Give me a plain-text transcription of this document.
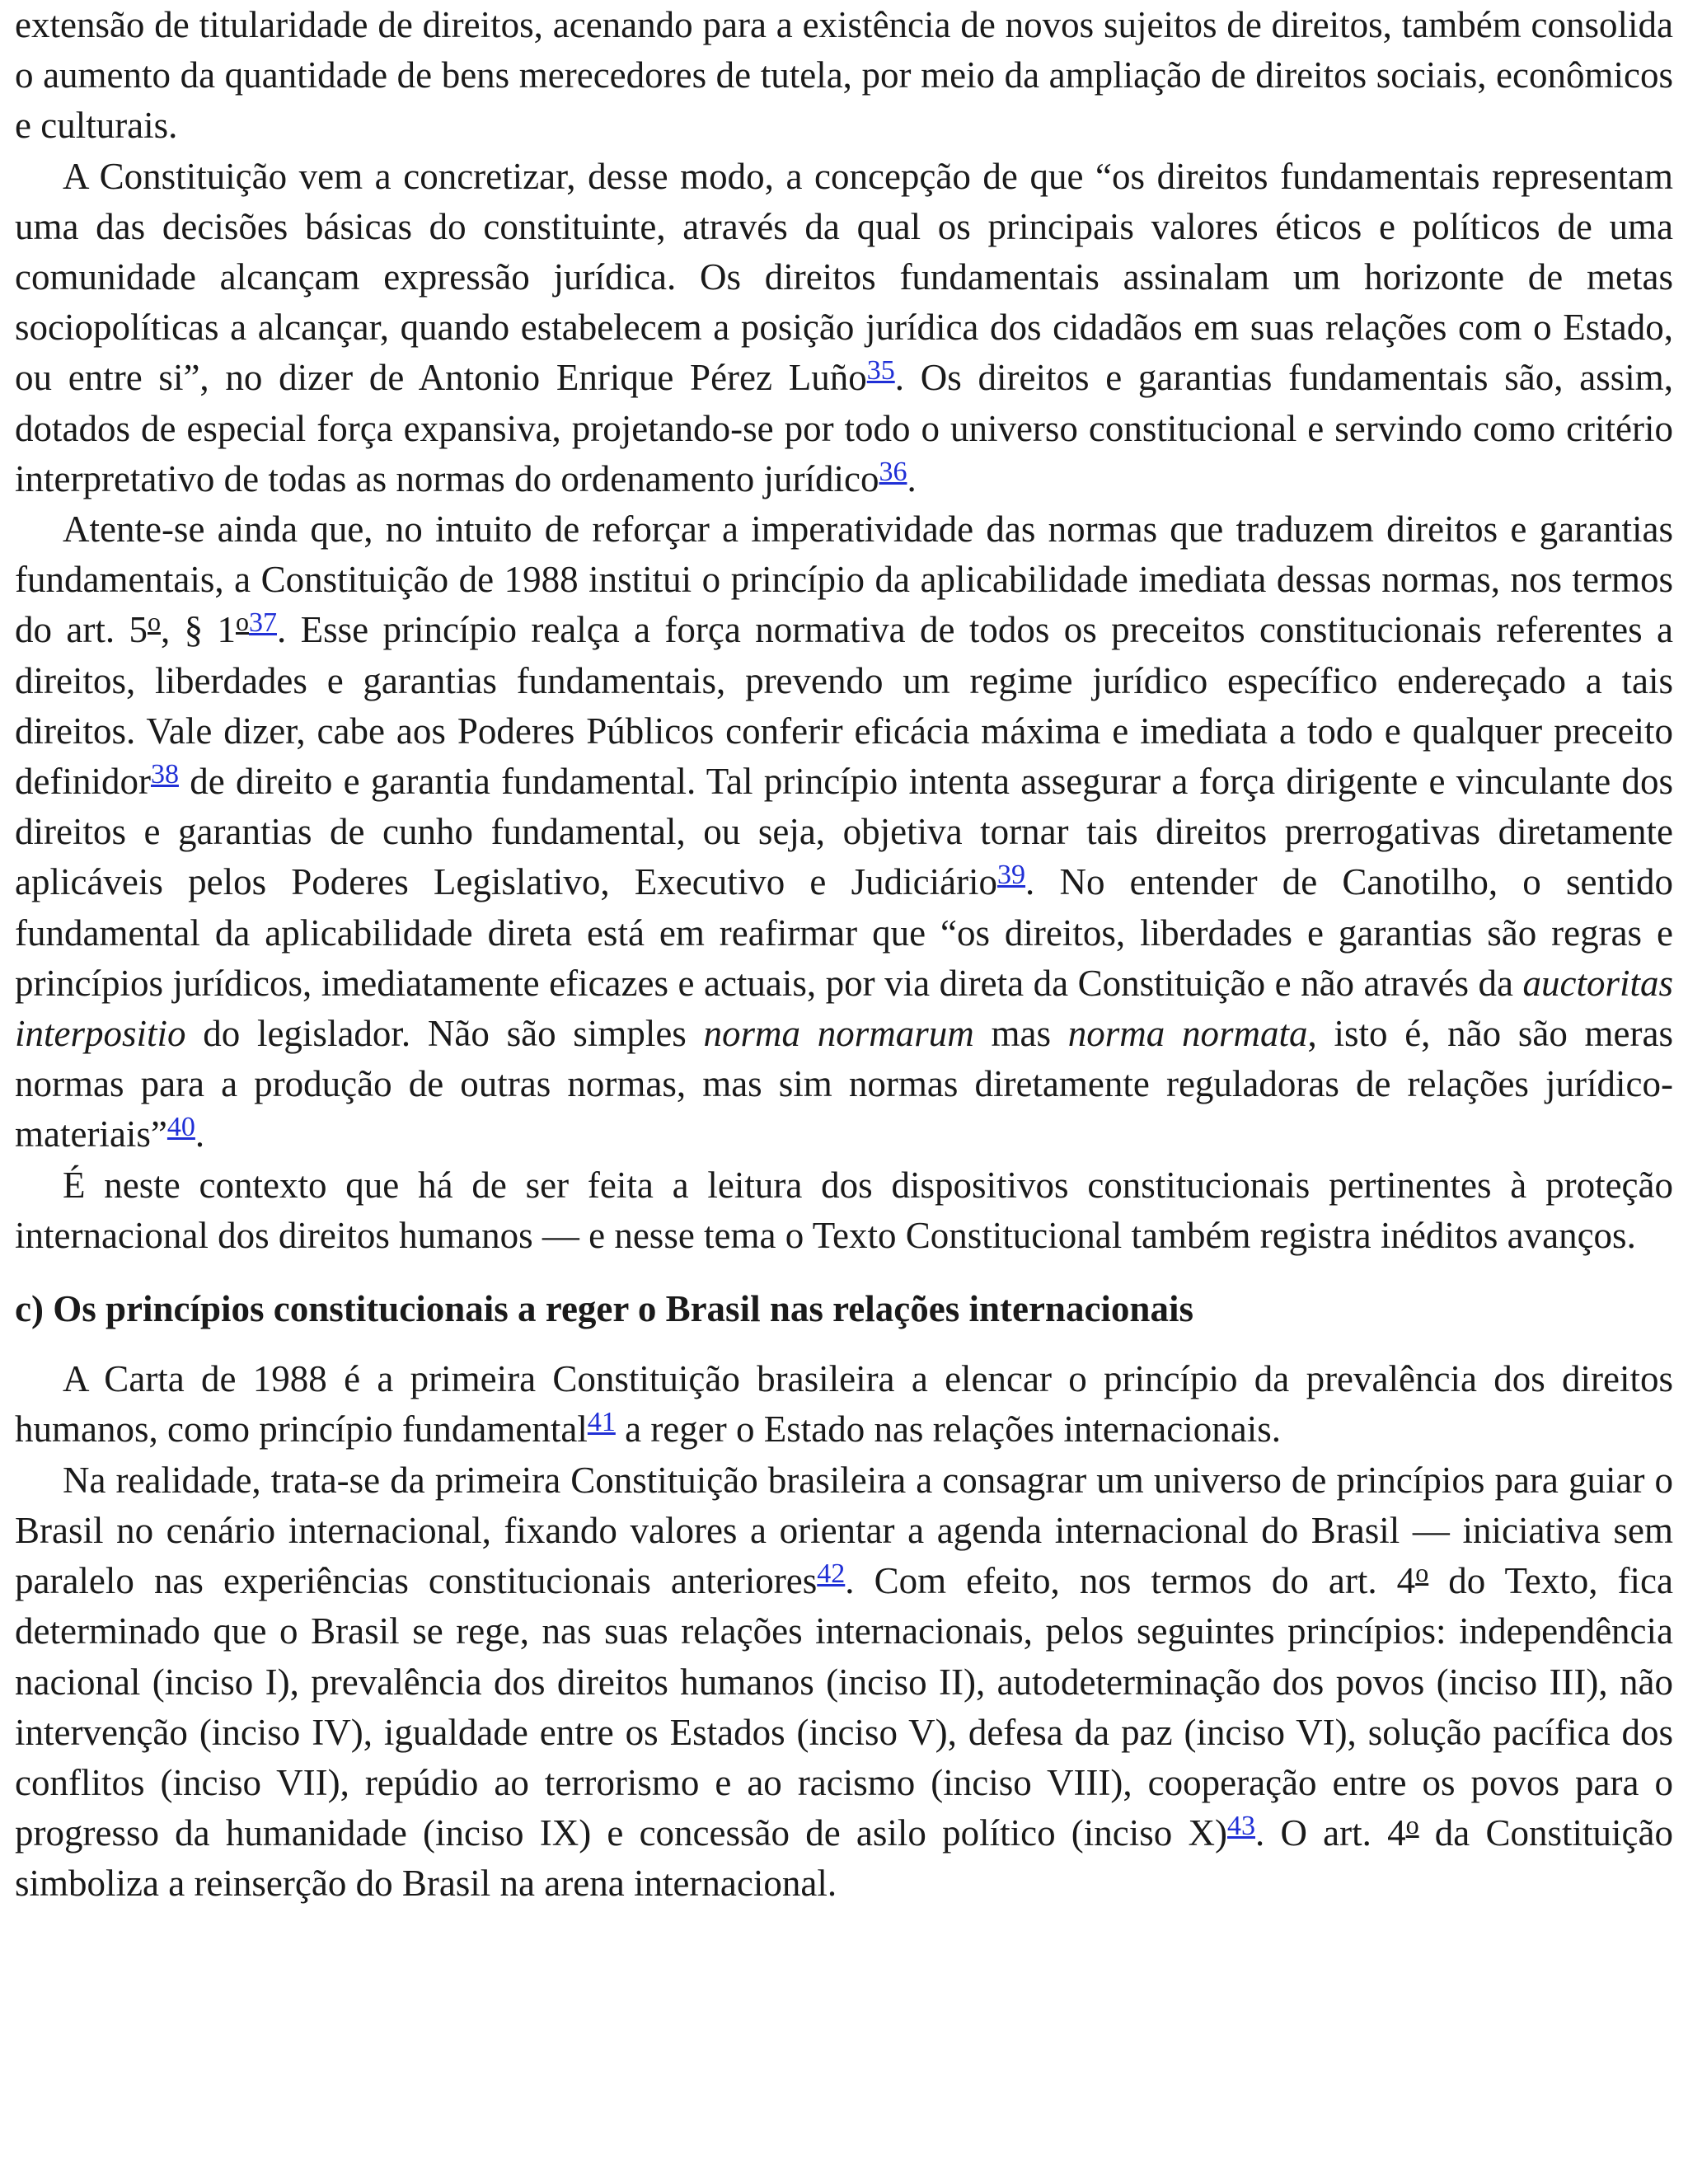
extensão de titularidade de direitos, acenando para a existência de novos sujeitos de direitos, também consolida o aumento da quantidade de bens merecedores de tutela, por meio da ampliação de direitos sociais, econômicos e culturais.

A Constituição vem a concretizar, desse modo, a concepção de que “os direitos fundamentais representam uma das decisões básicas do constituinte, através da qual os principais valores éticos e políticos de uma comunidade alcançam expressão jurídica. Os direitos fundamentais assinalam um horizonte de metas sociopolíticas a alcançar, quando estabelecem a posição jurídica dos cidadãos em suas relações com o Estado, ou entre si”, no dizer de Antonio Enrique Pérez Luño$^{35}$. Os direitos e garantias fundamentais são, assim, dotados de especial força expansiva, projetando-se por todo o universo constitucional e servindo como critério interpretativo de todas as normas do ordenamento jurídico$^{36}$.

Atente-se ainda que, no intuito de reforçar a imperatividade das normas que traduzem direitos e garantias fundamentais, a Constituição de 1988 institui o princípio da aplicabilidade imediata dessas normas, nos termos do art. 5$^o$, § 1$^{o37}$. Esse princípio realça a força normativa de todos os preceitos constitucionais referentes a direitos, liberdades e garantias fundamentais, prevendo um regime jurídico específico endereçado a tais direitos. Vale dizer, cabe aos Poderes Públicos conferir eficácia máxima e imediata a todo e qualquer preceito definidor$^{38}$ de direito e garantia fundamental. Tal princípio intenta assegurar a força dirigente e vinculante dos direitos e garantias de cunho fundamental, ou seja, objetiva tornar tais direitos prerrogativas diretamente aplicáveis pelos Poderes Legislativo, Executivo e Judiciário$^{39}$. No entender de Canotilho, o sentido fundamental da aplicabilidade direta está em reafirmar que “os direitos, liberdades e garantias são regras e princípios jurídicos, imediatamente eficazes e actuais, por via direta da Constituição e não através da auctoritas interpositio do legislador. Não são simples norma normarum mas norma normata, isto é, não são meras normas para a produção de outras normas, mas sim normas diretamente reguladoras de relações jurídico-materiais”$^{40}$.

É neste contexto que há de ser feita a leitura dos dispositivos constitucionais pertinentes à proteção internacional dos direitos humanos — e nesse tema o Texto Constitucional também registra inéditos avanços.

c) Os princípios constitucionais a reger o Brasil nas relações internacionais

A Carta de 1988 é a primeira Constituição brasileira a elencar o princípio da prevalência dos direitos humanos, como princípio fundamental$^{41}$ a reger o Estado nas relações internacionais.

Na realidade, trata-se da primeira Constituição brasileira a consagrar um universo de princípios para guiar o Brasil no cenário internacional, fixando valores a orientar a agenda internacional do Brasil — iniciativa sem paralelo nas experiências constitucionais anteriores$^{42}$. Com efeito, nos termos do art. 4$^o$ do Texto, fica determinado que o Brasil se rege, nas suas relações internacionais, pelos seguintes princípios: independência nacional (inciso I), prevalência dos direitos humanos (inciso II), autodeterminação dos povos (inciso III), não intervenção (inciso IV), igualdade entre os Estados (inciso V), defesa da paz (inciso VI), solução pacífica dos conflitos (inciso VII), repúdio ao terrorismo e ao racismo (inciso VIII), cooperação entre os povos para o progresso da humanidade (inciso IX) e concessão de asilo político (inciso X)$^{43}$. O art. 4$^o$ da Constituição simboliza a reinserção do Brasil na arena internacional.
